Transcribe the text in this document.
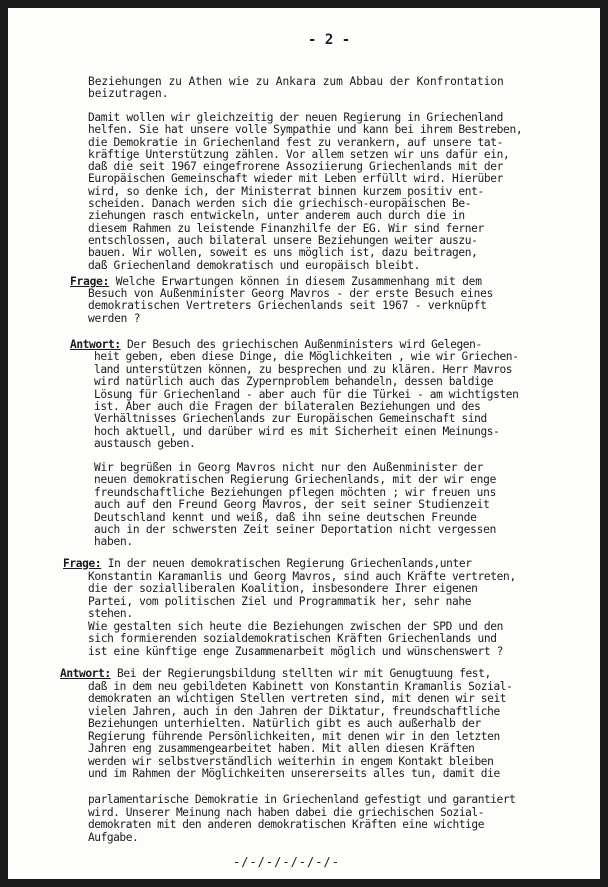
- 2 -
Beziehungen zu Athen wie zu Ankara zum Abbau der Konfrontation
beizutragen.
Damit wollen wir gleichzeitig der neuen Regierung in Griechenland
helfen. Sie hat unsere volle Sympathie und kann bei ihrem Bestreben,
die Demokratie in Griechenland fest zu verankern, auf unsere tat-
kräftige Unterstützung zählen. Vor allem setzen wir uns dafür ein,
daß die seit 1967 eingefrorene Assoziierung Griechenlands mit der
Europäischen Gemeinschaft wieder mit Leben erfüllt wird. Hierüber
wird, so denke ich, der Ministerrat binnen kurzem positiv ent-
scheiden. Danach werden sich die griechisch-europäischen Be-
ziehungen rasch entwickeln, unter anderem auch durch die in
diesem Rahmen zu leistende Finanzhilfe der EG. Wir sind ferner
entschlossen, auch bilateral unsere Beziehungen weiter auszu-
bauen. Wir wollen, soweit es uns möglich ist, dazu beitragen,
daß Griechenland demokratisch und europäisch bleibt.
Frage: Welche Erwartungen können in diesem Zusammenhang mit dem
Besuch von Außenminister Georg Mavros - der erste Besuch eines
demokratischen Vertreters Griechenlands seit 1967 - verknüpft
werden ?
Antwort: Der Besuch des griechischen Außenministers wird Gelegen-
heit geben, eben diese Dinge, die Möglichkeiten , wie wir Griechen-
land unterstützen können, zu besprechen und zu klären. Herr Mavros
wird natürlich auch das Zypernproblem behandeln, dessen baldige
Lösung für Griechenland - aber auch für die Türkei - am wichtigsten
ist. Aber auch die Fragen der bilateralen Beziehungen und des
Verhältnisses Griechenlands zur Europäischen Gemeinschaft sind
hoch aktuell, und darüber wird es mit Sicherheit einen Meinungs-
austausch geben.
Wir begrüßen in Georg Mavros nicht nur den Außenminister der
neuen demokratischen Regierung Griechenlands, mit der wir enge
freundschaftliche Beziehungen pflegen möchten ; wir freuen uns
auch auf den Freund Georg Mavros, der seit seiner Studienzeit
Deutschland kennt und weiß, daß ihn seine deutschen Freunde
auch in der schwersten Zeit seiner Deportation nicht vergessen
haben.
Frage: In der neuen demokratischen Regierung Griechenlands,unter
Konstantin Karamanlis und Georg Mavros, sind auch Kräfte vertreten,
die der sozialliberalen Koalition, insbesondere Ihrer eigenen
Partei, vom politischen Ziel und Programmatik her, sehr nahe
stehen.
Wie gestalten sich heute die Beziehungen zwischen der SPD und den
sich formierenden sozialdemokratischen Kräften Griechenlands und
ist eine künftige enge Zusammenarbeit möglich und wünschenswert ?
Antwort: Bei der Regierungsbildung stellten wir mit Genugtuung fest,
daß in dem neu gebildeten Kabinett von Konstantin Kramanlis Sozial-
demokraten an wichtigen Stellen vertreten sind, mit denen wir seit
vielen Jahren, auch in den Jahren der Diktatur, freundschaftliche
Beziehungen unterhielten. Natürlich gibt es auch außerhalb der
Regierung führende Persönlichkeiten, mit denen wir in den letzten
Jahren eng zusammengearbeitet haben. Mit allen diesen Kräften
werden wir selbstverständlich weiterhin in engem Kontakt bleiben
und im Rahmen der Möglichkeiten unsererseits alles tun, damit die
parlamentarische Demokratie in Griechenland gefestigt und garantiert
wird. Unserer Meinung nach haben dabei die griechischen Sozial-
demokraten mit den anderen demokratischen Kräften eine wichtige
Aufgabe.
-/-/-/-/-/-/-
